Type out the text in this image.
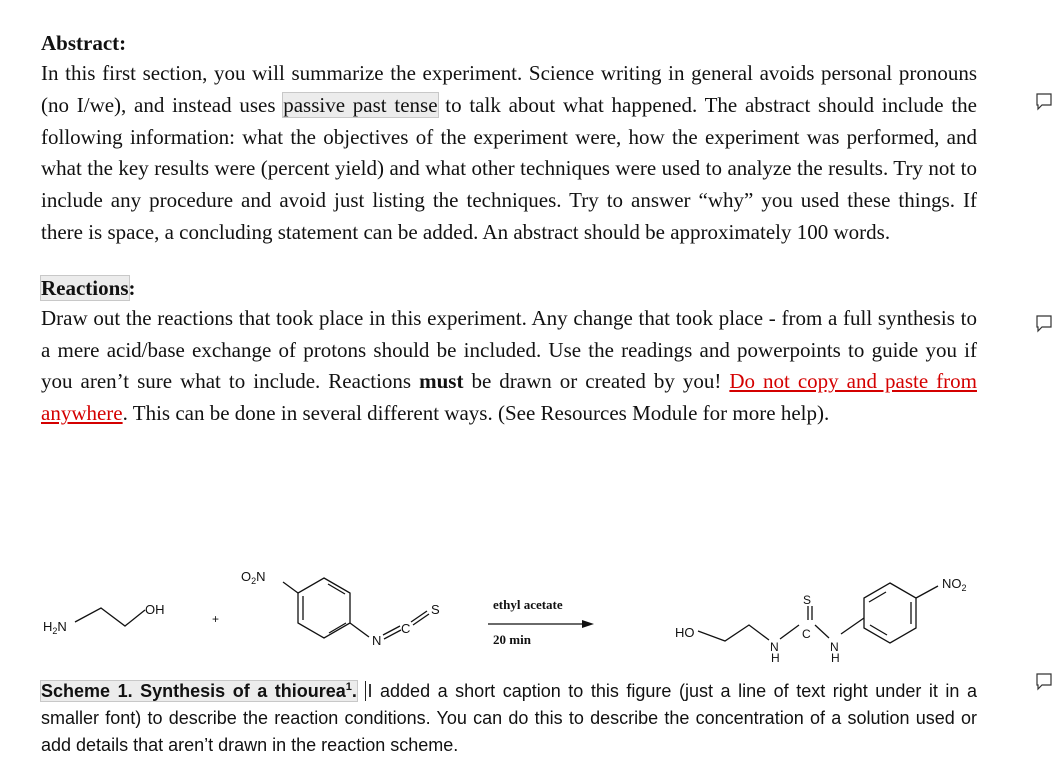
Abstract:

In this first section, you will summarize the experiment. Science writing in general avoids personal pronouns (no I/we), and instead uses passive past tense to talk about what happened. The abstract should include the following information: what the objectives of the experiment were, how the experiment was performed, and what the key results were (percent yield) and what other techniques were used to analyze the results. Try not to include any procedure and avoid just listing the techniques. Try to answer “why” you used these things. If there is space, a concluding statement can be added. An abstract should be approximately 100 words.

Reactions:

Draw out the reactions that took place in this experiment. Any change that took place - from a full synthesis to a mere acid/base exchange of protons should be included. Use the readings and powerpoints to guide you if you aren’t sure what to include. Reactions must be drawn or created by you! Do not copy and paste from anywhere. This can be done in several different ways. (See Resources Module for more help).

$H_2N$
OH
+
$O_2N$
N
C
S	ethyl acetate
20 min	HO
N
H
C
S
N
H
$NO_2$

Scheme 1. Synthesis of a thiourea$^1$. I added a short caption to this figure (just a line of text right under it in a smaller font) to describe the reaction conditions. You can do this to describe the concentration of a solution used or add details that aren’t drawn in the reaction scheme.
